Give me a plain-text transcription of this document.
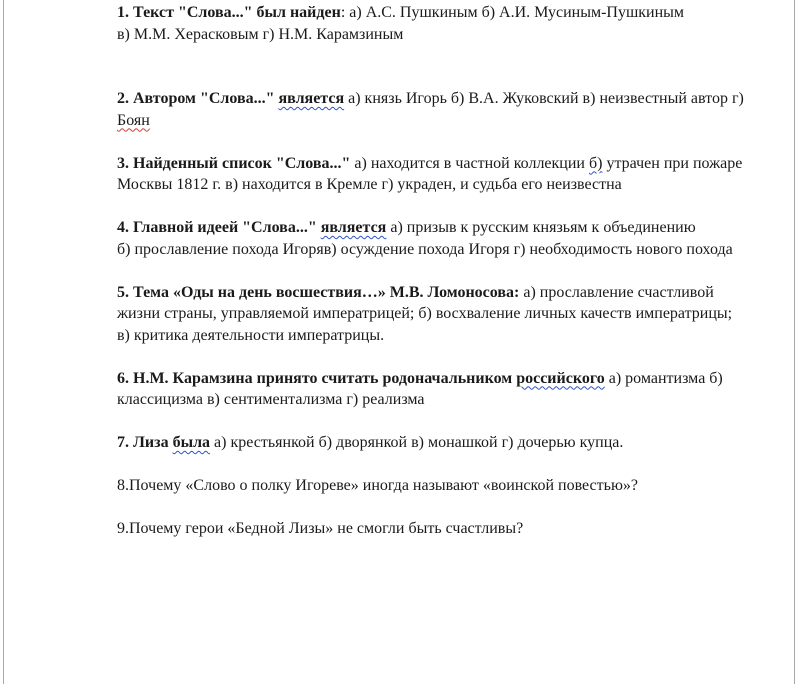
1. Текст "Слова..." был найден: а) А.С. Пушкиным б) А.И. Мусиным-Пушкиным
в) М.М. Херасковым г) Н.М. Карамзиным

2. Автором "Слова..." является а) князь Игорь б) В.А. Жуковский в) неизвестный автор г) Боян

3. Найденный список "Слова..." а) находится в частной коллекции б) утрачен при пожаре Москвы 1812 г. в) находится в Кремле г) украден, и судьба его неизвестна

4. Главной идеей "Слова..." является а) призыв к русским князьям к объединению
б) прославление похода Игоряв) осуждение похода Игоря г) необходимость нового похода

5. Тема «Оды на день восшествия…» М.В. Ломоносова: а) прославление счастливой жизни страны, управляемой императрицей; б) восхваление личных качеств императрицы;
в) критика деятельности императрицы.

6. Н.М. Карамзина принято считать родоначальником российского а) романтизма б) классицизма в) сентиментализма г) реализма

7. Лиза была а) крестьянкой б) дворянкой в) монашкой г) дочерью купца.

8.Почему «Слово о полку Игореве» иногда называют «воинской повестью»?

9.Почему герои «Бедной Лизы» не смогли быть счастливы?
